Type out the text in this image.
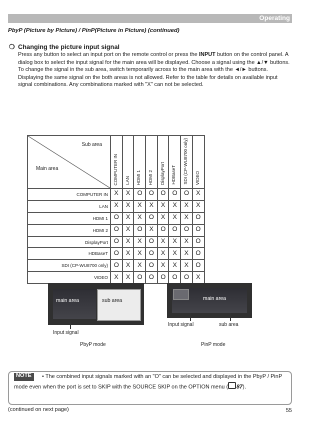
Operating
PbyP (Picture by Picture) / PinP(Picture in Picture) (continued)
❍ Changing the picture input signal
Press any button to select an input port on the remote control or press the INPUT button on the control panel. A dialog box to select the input signal for the main area will be displayed. Choose a signal using the ▲/▼ buttons. To change the signal in the sub area, switch temporarily across to the main area with the ◄/► buttons.
Displaying the same signal on the both areas is not allowed. Refer to the table for details on available input signal combinations. Any combinations marked with "X" can not be selected.
Sub area
Main area	COMPUTER IN	LAN	HDMI 1	HDMI 2	DisplayPort	HDBaseT	SDI (CP-WU8700 only)	VIDEO

COMPUTER IN	X	X	O	O	O	O	O	X
LAN	X	X	X	X	X	X	X	X
HDMI 1	O	X	X	O	X	X	X	O
HDMI 2	O	X	O	X	O	O	O	O
DisplayPort	O	X	X	O	X	X	X	O
HDBaseT	O	X	X	O	X	X	X	O
SDI (CP-WU8700 only)	O	X	X	O	X	X	X	O
VIDEO	X	X	O	O	O	O	O	X
main area	sub area
Input signal
PbyP mode
main area
Input signal	sub area
PinP mode
• The combined input signals marked with an "O" can be selected and displayed in the PbyP / PinP mode even when the port is set to SKIP with the SOURCE SKIP on the OPTION menu ( 87).
NOTE
(continued on next page)	55
